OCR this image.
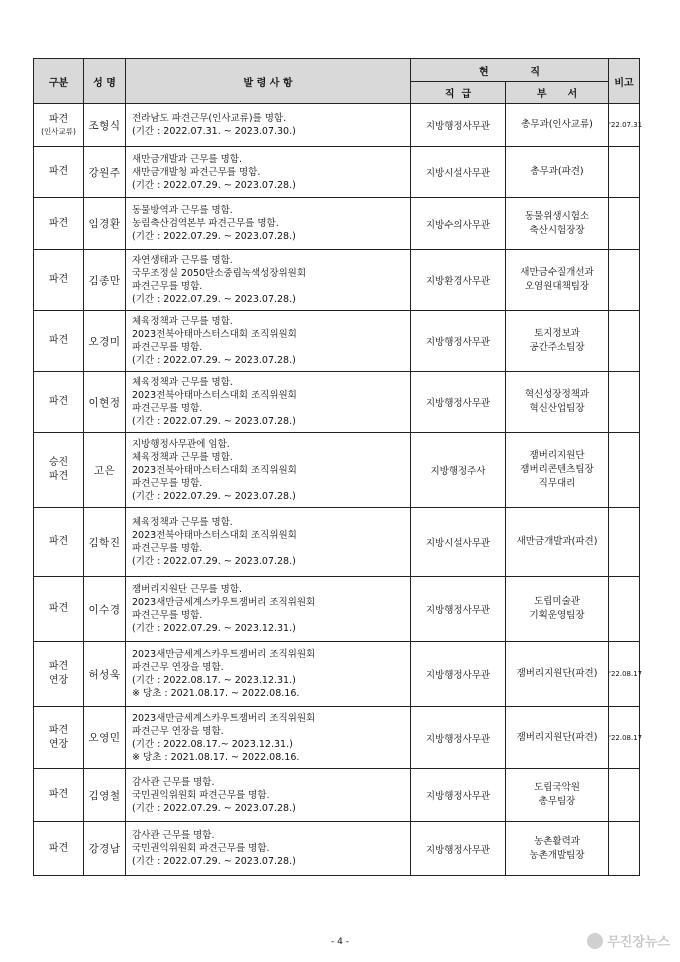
구분	성 명	발 령 사 항	현            직		비고
			직  급	부      서	

파견
(인사교류)	조형식	전라남도 파견근무(인사교류)를 명함.
(기간 : 2022.07.31. ~ 2023.07.30.)	지방행정사무관	총무과(인사교류)	'22.07.31

파견	강원주	새만금개발과 근무를 명함.
새만금개발청 파견근무를 명함.
(기간 : 2022.07.29. ~ 2023.07.28.)	지방시설사무관	총무과(파견)	

파견	임경환	동물방역과 근무를 명함.
농림축산검역본부 파견근무를 명함.
(기간 : 2022.07.29. ~ 2023.07.28.)	지방수의사무관	동물위생시험소
축산시험장장	

파견	김종만	자연생태과 근무를 명함.
국무조정실 2050탄소중립녹색성장위원회
파견근무를 명함.
(기간 : 2022.07.29. ~ 2023.07.28.)	지방환경사무관	새만금수질개선과
오염원대책팀장	

파견	오경미	체육정책과 근무를 명함.
2023전북아태마스터스대회 조직위원회
파견근무를 명함.
(기간 : 2022.07.29. ~ 2023.07.28.)	지방행정사무관	토지정보과
공간주소팀장	

파견	이현정	체육정책과 근무를 명함.
2023전북아태마스터스대회 조직위원회
파견근무를 명함.
(기간 : 2022.07.29. ~ 2023.07.28.)	지방행정사무관	혁신성장정책과
혁신산업팀장	

승진
파견	고은	지방행정사무관에 임함.
체육정책과 근무를 명함.
2023전북아태마스터스대회 조직위원회
파견근무를 명함.
(기간 : 2022.07.29. ~ 2023.07.28.)	지방행정주사	잼버리지원단
잼버리콘텐츠팀장
직무대리	

파견	김학진	체육정책과 근무를 명함.
2023전북아태마스터스대회 조직위원회
파견근무를 명함.
(기간 : 2022.07.29. ~ 2023.07.28.)	지방시설사무관	새만금개발과(파견)	

파견	이수경	잼버리지원단 근무를 명함.
2023새만금세계스카우트잼버리 조직위원회
파견근무를 명함.
(기간 : 2022.07.29. ~ 2023.12.31.)	지방행정사무관	도립미술관
기획운영팀장	

파견
연장	허성욱	2023새만금세계스카우트잼버리 조직위원회
파견근무 연장을 명함.
(기간 : 2022.08.17. ~ 2023.12.31.)
※ 당초 : 2021.08.17. ~ 2022.08.16.	지방행정사무관	잼버리지원단(파견)	'22.08.17

파견
연장	오영민	2023새만금세계스카우트잼버리 조직위원회
파견근무 연장을 명함.
(기간 : 2022.08.17.~ 2023.12.31.)
※ 당초 : 2021.08.17. ~ 2022.08.16.	지방행정사무관	잼버리지원단(파견)	'22.08.17

파견	김영철	감사관 근무를 명함.
국민권익위원회 파견근무를 명함.
(기간 : 2022.07.29. ~ 2023.07.28.)	지방행정사무관	도립국악원
총무팀장	

파견	강경남	감사관 근무를 명함.
국민권익위원회 파견근무를 명함.
(기간 : 2022.07.29. ~ 2023.07.28.)	지방행정사무관	농촌활력과
농촌개발팀장	

- 4 -	무진장뉴스
